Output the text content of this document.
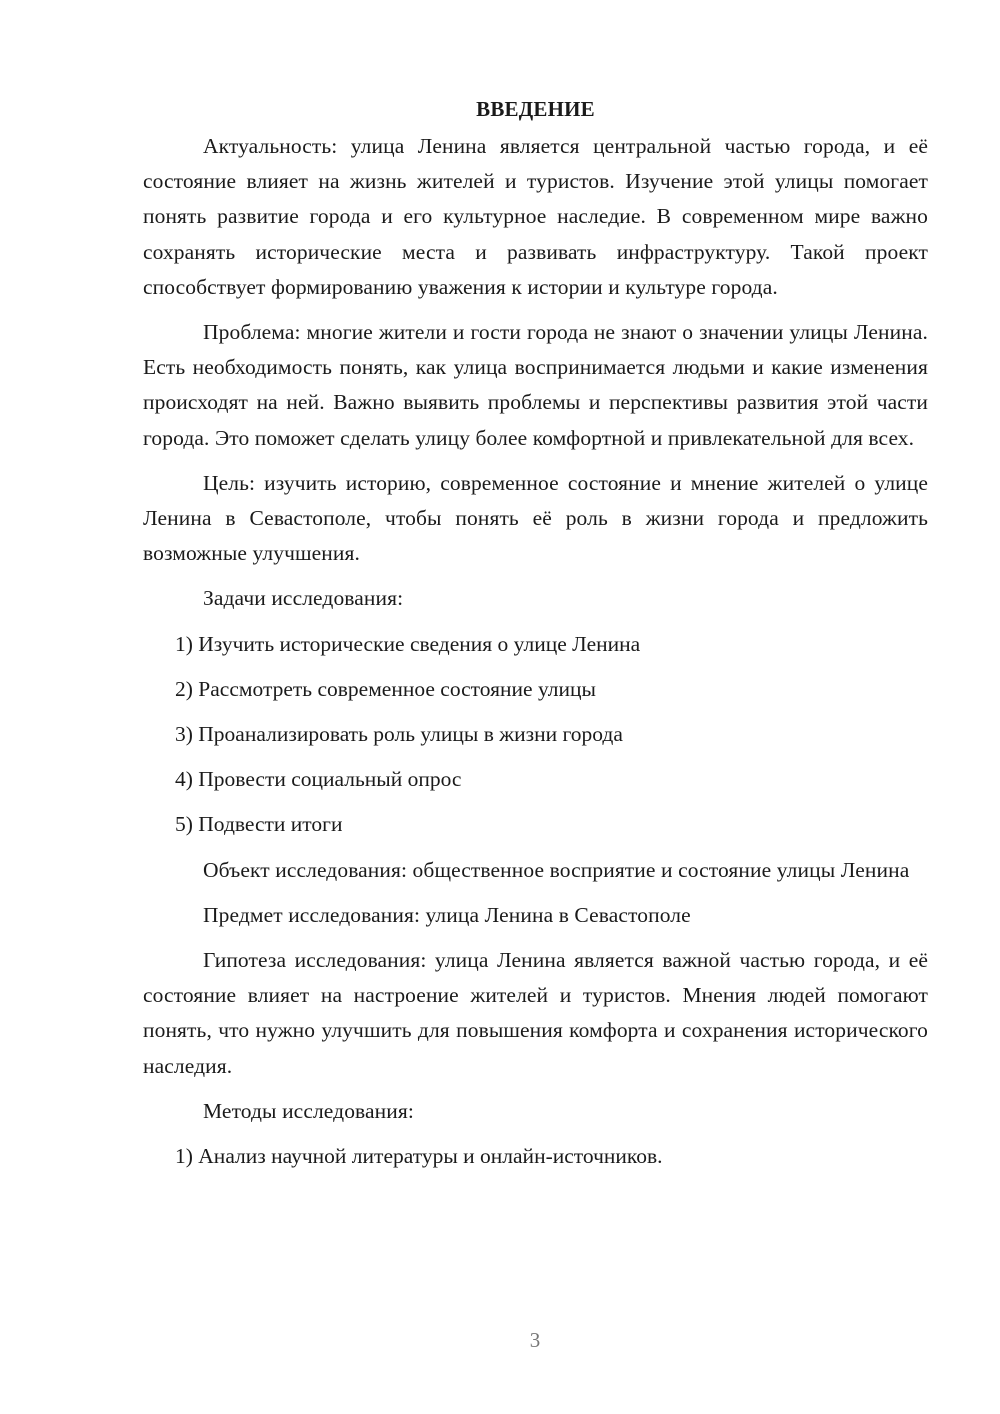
ВВЕДЕНИЕ

Актуальность: улица Ленина является центральной частью города, и её состояние влияет на жизнь жителей и туристов. Изучение этой улицы помогает понять развитие города и его культурное наследие. В современном мире важно сохранять исторические места и развивать инфраструктуру. Такой проект способствует формированию уважения к истории и культуре города.

Проблема: многие жители и гости города не знают о значении улицы Ленина. Есть необходимость понять, как улица воспринимается людьми и какие изменения происходят на ней. Важно выявить проблемы и перспективы развития этой части города. Это поможет сделать улицу более комфортной и привлекательной для всех.

Цель: изучить историю, современное состояние и мнение жителей о улице Ленина в Севастополе, чтобы понять её роль в жизни города и предложить возможные улучшения.

Задачи исследования:

1) Изучить исторические сведения о улице Ленина
2) Рассмотреть современное состояние улицы
3) Проанализировать роль улицы в жизни города
4) Провести социальный опрос
5) Подвести итоги

Объект исследования: общественное восприятие и состояние улицы Ленина

Предмет исследования: улица Ленина в Севастополе

Гипотеза исследования: улица Ленина является важной частью города, и её состояние влияет на настроение жителей и туристов. Мнения людей помогают понять, что нужно улучшить для повышения комфорта и сохранения исторического наследия.

Методы исследования:

1) Анализ научной литературы и онлайн-источников.
3
